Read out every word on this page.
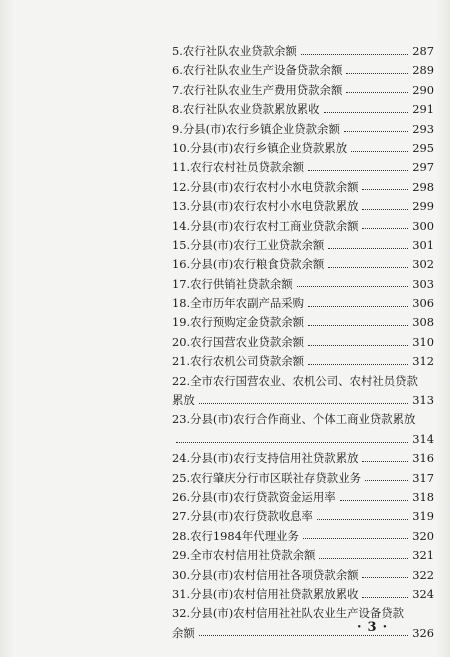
5.农行社队农业贷款余额	287
6.农行社队农业生产设备贷款余额	289
7.农行社队农业生产费用贷款余额	290
8.农行社队农业贷款累放累收	291
9.分县(市)农行乡镇企业贷款余额	293
10.分县(市)农行乡镇企业贷款累放	295
11.农行农村社员贷款余额	297
12.分县(市)农行农村小水电贷款余额	298
13.分县(市)农行农村小水电贷款累放	299
14.分县(市)农行农村工商业贷款余额	300
15.分县(市)农行工业贷款余额	301
16.分县(市)农行粮食贷款余额	302
17.农行供销社贷款余额	303
18.全市历年农副产品采购	306
19.农行预购定金贷款余额	308
20.农行国营农业贷款余额	310
21.农行农机公司贷款余额	312
22.全市农行国营农业、农机公司、农村社员贷款
累放	313
23.分县(市)农行合作商业、个体工商业贷款累放
314
24.分县(市)农行支持信用社贷款累放	316
25.农行肇庆分行市区联社存贷款业务	317
26.分县(市)农行贷款资金运用率	318
27.分县(市)农行贷款收息率	319
28.农行1984年代理业务	320
29.全市农村信用社贷款余额	321
30.分县(市)农村信用社各项贷款余额	322
31.分县(市)农村信用社贷款累放累收	324
32.分县(市)农村信用社社队农业生产设备贷款
余额	326
· 3 ·
